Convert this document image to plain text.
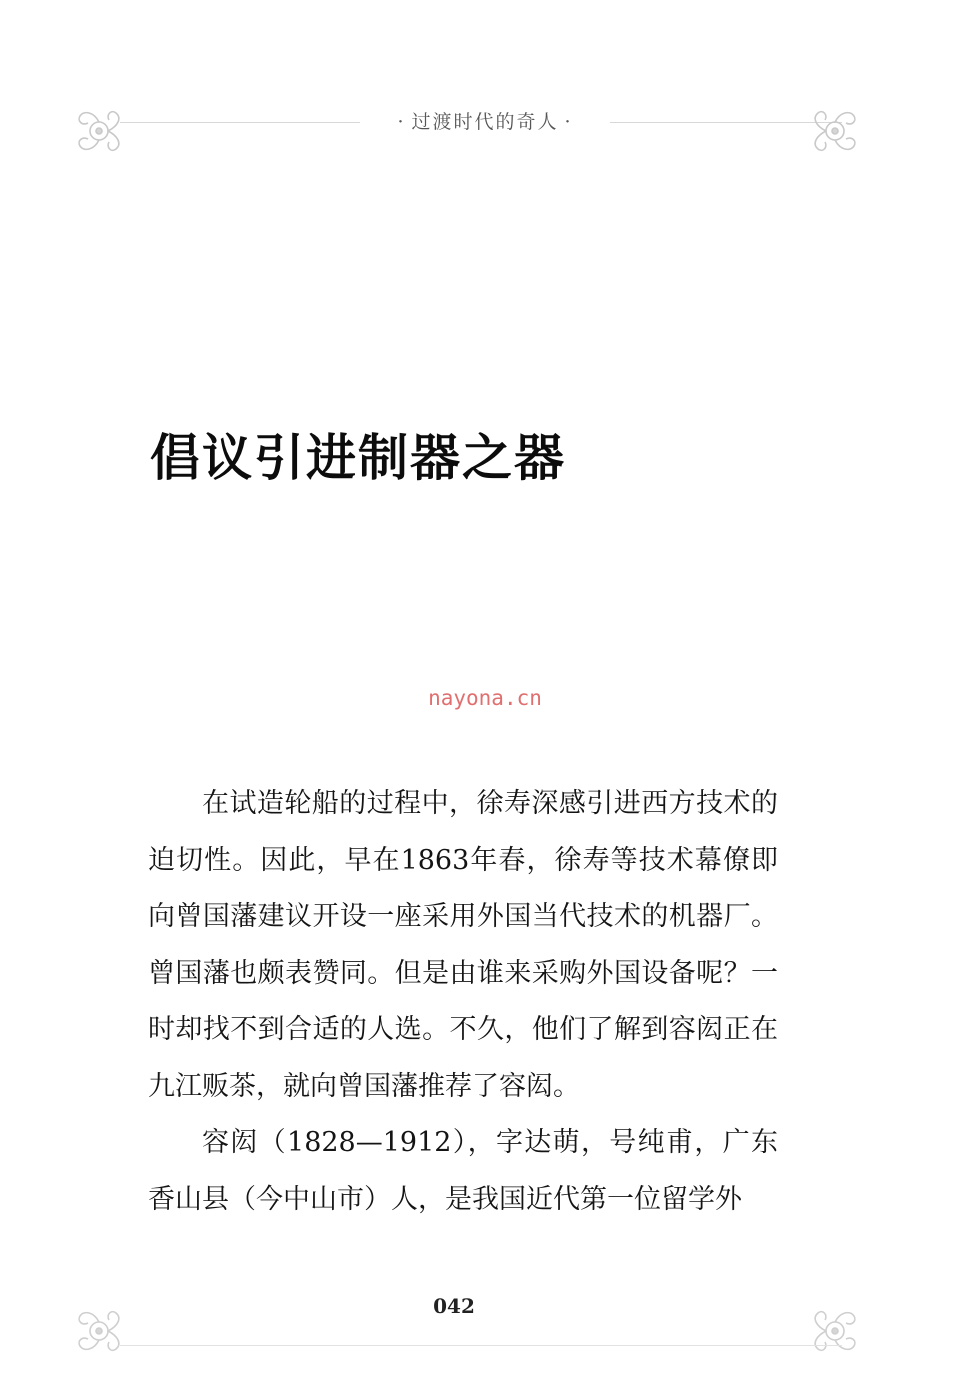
· 过渡时代的奇人 ·
倡议引进制器之器
nayona.cn

在试造轮船的过程中，徐寿深感引进西方技术的迫切性。因此，早在1863年春，徐寿等技术幕僚即向曾国藩建议开设一座采用外国当代技术的机器厂。曾国藩也颇表赞同。但是由谁来采购外国设备呢？一时却找不到合适的人选。不久，他们了解到容闳正在九江贩茶，就向曾国藩推荐了容闳。

容闳（1828—1912），字达萌，号纯甫，广东香山县（今中山市）人，是我国近代第一位留学外

042
